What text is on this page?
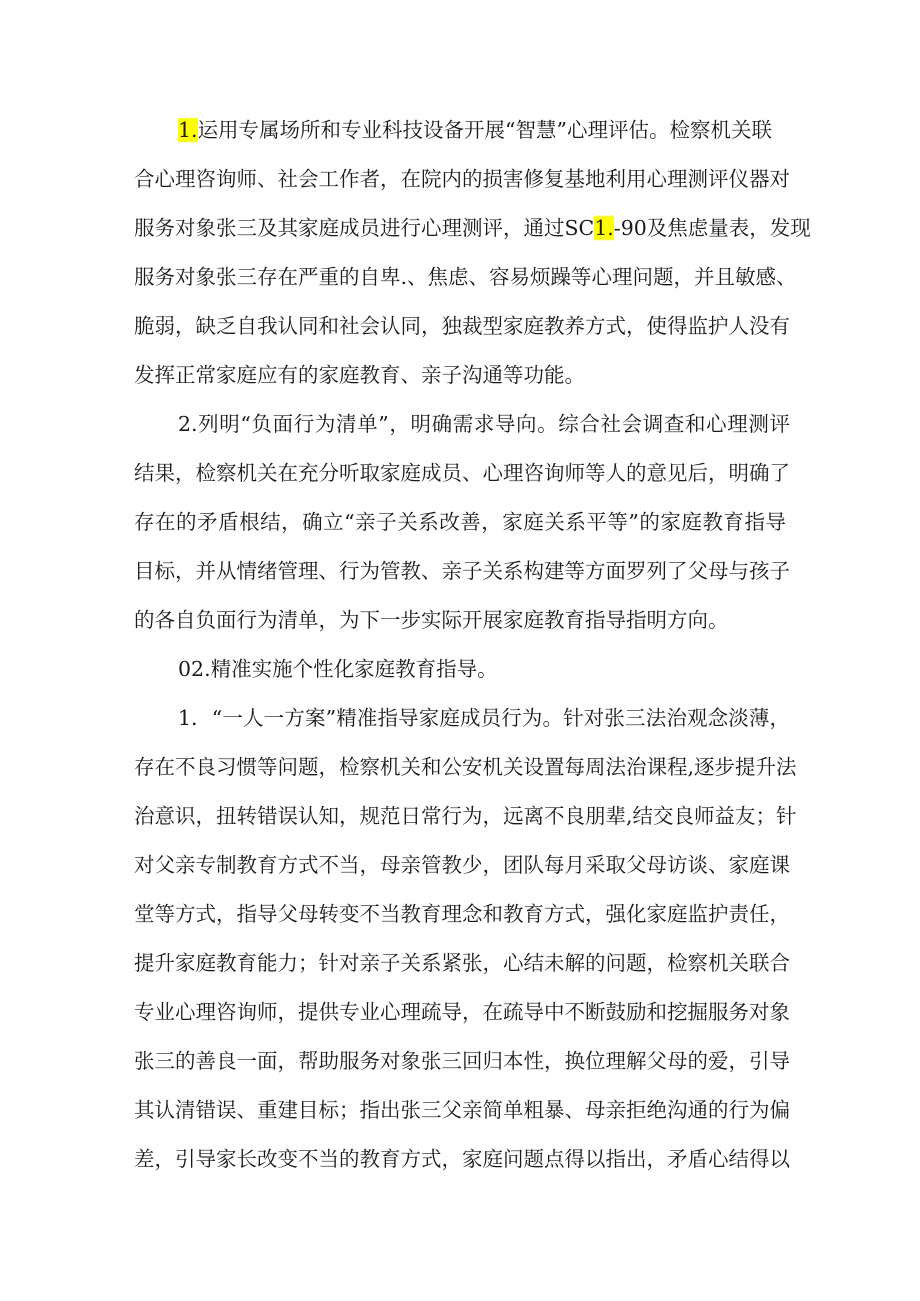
1.运用专属场所和专业科技设备开展“智慧”心理评估。检察机关联
合心理咨询师、社会工作者，在院内的损害修复基地利用心理测评仪器对
服务对象张三及其家庭成员进行心理测评，通过SC1.-90及焦虑量表，发现
服务对象张三存在严重的自卑.、焦虑、容易烦躁等心理问题，并且敏感、
脆弱，缺乏自我认同和社会认同，独裁型家庭教养方式，使得监护人没有
发挥正常家庭应有的家庭教育、亲子沟通等功能。
2.列明“负面行为清单”，明确需求导向。综合社会调查和心理测评
结果，检察机关在充分听取家庭成员、心理咨询师等人的意见后，明确了
存在的矛盾根结，确立“亲子关系改善，家庭关系平等”的家庭教育指导
目标，并从情绪管理、行为管教、亲子关系构建等方面罗列了父母与孩子
的各自负面行为清单，为下一步实际开展家庭教育指导指明方向。
02.精准实施个性化家庭教育指导。
1．“一人一方案”精准指导家庭成员行为。针对张三法治观念淡薄，
存在不良习惯等问题，检察机关和公安机关设置每周法治课程,逐步提升法
治意识，扭转错误认知，规范日常行为，远离不良朋辈,结交良师益友；针
对父亲专制教育方式不当，母亲管教少，团队每月采取父母访谈、家庭课
堂等方式，指导父母转变不当教育理念和教育方式，强化家庭监护责任，
提升家庭教育能力；针对亲子关系紧张，心结未解的问题，检察机关联合
专业心理咨询师，提供专业心理疏导，在疏导中不断鼓励和挖掘服务对象
张三的善良一面，帮助服务对象张三回归本性，换位理解父母的爱，引导
其认清错误、重建目标；指出张三父亲简单粗暴、母亲拒绝沟通的行为偏
差，引导家长改变不当的教育方式，家庭问题点得以指出，矛盾心结得以
